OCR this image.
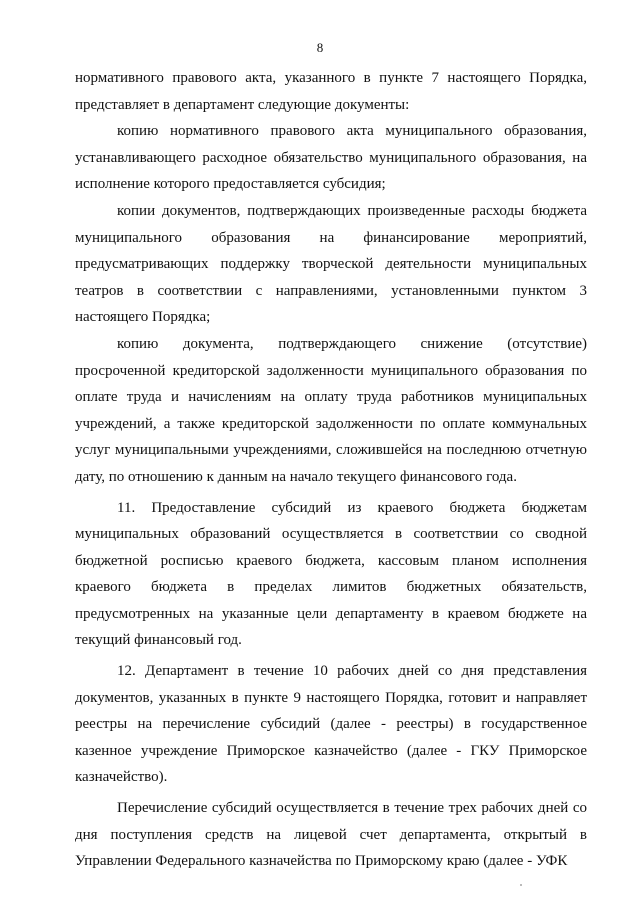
8

нормативного правового акта, указанного в пункте 7 настоящего Порядка, представляет в департамент следующие документы:

копию нормативного правового акта муниципального образования, устанавливающего расходное обязательство муниципального образования, на исполнение которого предоставляется субсидия;

копии документов, подтверждающих произведенные расходы бюджета муниципального образования на финансирование мероприятий, предусматривающих поддержку творческой деятельности муниципальных театров в соответствии с направлениями, установленными пунктом 3 настоящего Порядка;

копию документа, подтверждающего снижение (отсутствие) просроченной кредиторской задолженности муниципального образования по оплате труда и начислениям на оплату труда работников муниципальных учреждений, а также кредиторской задолженности по оплате коммунальных услуг муниципальными учреждениями, сложившейся на последнюю отчетную дату, по отношению к данным на начало текущего финансового года.

11. Предоставление субсидий из краевого бюджета бюджетам муниципальных образований осуществляется в соответствии со сводной бюджетной росписью краевого бюджета, кассовым планом исполнения краевого бюджета в пределах лимитов бюджетных обязательств, предусмотренных на указанные цели департаменту в краевом бюджете на текущий финансовый год.

12. Департамент в течение 10 рабочих дней со дня представления документов, указанных в пункте 9 настоящего Порядка, готовит и направляет реестры на перечисление субсидий (далее - реестры) в государственное казенное учреждение Приморское казначейство (далее - ГКУ Приморское казначейство).

Перечисление субсидий осуществляется в течение трех рабочих дней со дня поступления средств на лицевой счет департамента, открытый в Управлении Федерального казначейства по Приморскому краю (далее - УФК
